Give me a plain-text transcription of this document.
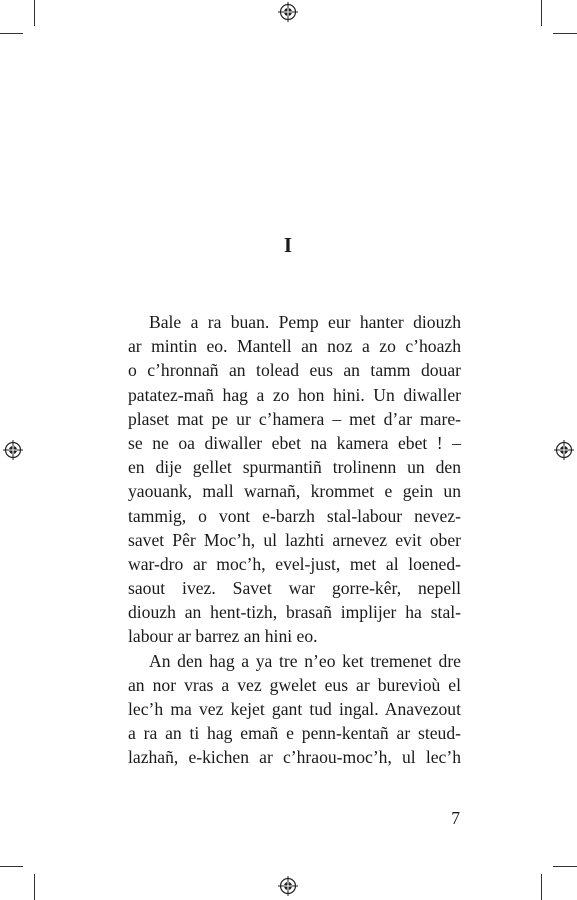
I
Bale a ra buan. Pemp eur hanter diouzh
ar mintin eo. Mantell an noz a zo c’hoazh
o c’hronnañ an tolead eus an tamm douar
patatez-mañ hag a zo hon hini. Un diwaller
plaset mat pe ur c’hamera – met d’ar mare-
se ne oa diwaller ebet na kamera ebet ! –
en dije gellet spurmantiñ trolinenn un den
yaouank, mall warnañ, krommet e gein un
tammig, o vont e-barzh stal-labour nevez-
savet Pêr Moc’h, ul lazhti arnevez evit ober
war-dro ar moc’h, evel-just, met al loened-
saout ivez. Savet war gorre-kêr, nepell
diouzh an hent-tizh, brasañ implijer ha stal-
labour ar barrez an hini eo.
An den hag a ya tre n’eo ket tremenet dre
an nor vras a vez gwelet eus ar burevioù el
lec’h ma vez kejet gant tud ingal. Anavezout
a ra an ti hag emañ e penn-kentañ ar steud-
lazhañ, e-kichen ar c’hraou-moc’h, ul lec’h
7
